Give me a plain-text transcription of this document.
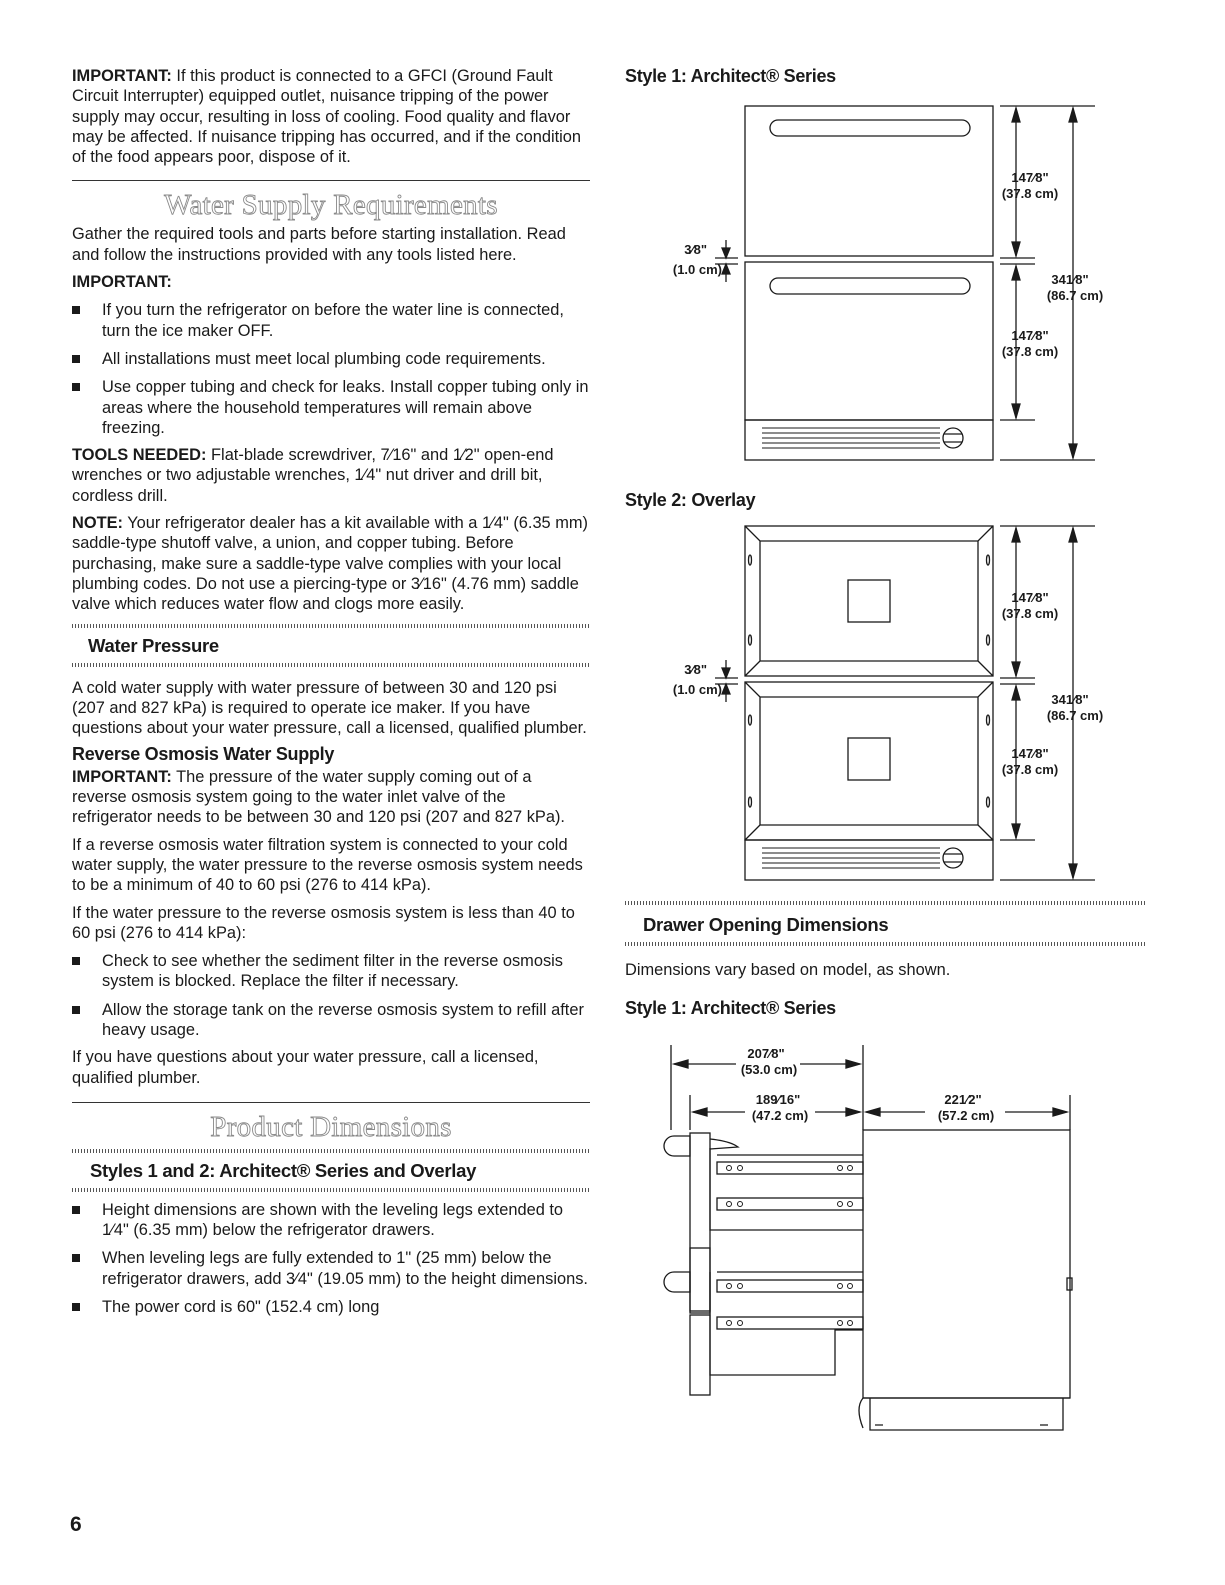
IMPORTANT: If this product is connected to a GFCI (Ground Fault Circuit Interrupter) equipped outlet, nuisance tripping of the power supply may occur, resulting in loss of cooling. Food quality and flavor may be affected. If nuisance tripping has occurred, and if the condition of the food appears poor, dispose of it.

Water Supply Requirements

Gather the required tools and parts before starting installation. Read and follow the instructions provided with any tools listed here.

IMPORTANT:

If you turn the refrigerator on before the water line is connected, turn the ice maker OFF.
All installations must meet local plumbing code requirements.
Use copper tubing and check for leaks. Install copper tubing only in areas where the household temperatures will remain above freezing.

TOOLS NEEDED: Flat-blade screwdriver, 7⁄16" and 1⁄2" open-end wrenches or two adjustable wrenches, 1⁄4" nut driver and drill bit, cordless drill.

NOTE: Your refrigerator dealer has a kit available with a 1⁄4" (6.35 mm) saddle-type shutoff valve, a union, and copper tubing. Before purchasing, make sure a saddle-type valve complies with your local plumbing codes. Do not use a piercing-type or 3⁄16" (4.76 mm) saddle valve which reduces water flow and clogs more easily.

Water Pressure

A cold water supply with water pressure of between 30 and 120 psi (207 and 827 kPa) is required to operate ice maker. If you have questions about your water pressure, call a licensed, qualified plumber.

Reverse Osmosis Water Supply

IMPORTANT: The pressure of the water supply coming out of a reverse osmosis system going to the water inlet valve of the refrigerator needs to be between 30 and 120 psi (207 and 827 kPa).

If a reverse osmosis water filtration system is connected to your cold water supply, the water pressure to the reverse osmosis system needs to be a minimum of 40 to 60 psi (276 to 414 kPa).

If the water pressure to the reverse osmosis system is less than 40 to 60 psi (276 to 414 kPa):

Check to see whether the sediment filter in the reverse osmosis system is blocked. Replace the filter if necessary.
Allow the storage tank on the reverse osmosis system to refill after heavy usage.

If you have questions about your water pressure, call a licensed, qualified plumber.

Product Dimensions
Styles 1 and 2: Architect® Series and Overlay
Height dimensions are shown with the leveling legs extended to 1⁄4" (6.35 mm) below the refrigerator drawers.
When leveling legs are fully extended to 1" (25 mm) below the refrigerator drawers, add 3⁄4" (19.05 mm) to the height dimensions.
The power cord is 60" (152.4 cm) long

Style 1: Architect® Series

Style 2: Overlay

3⁄8"
(1.0 cm)
147⁄8"
(37.8 cm)
147⁄8"
(37.8 cm)
341⁄8"
(86.7 cm)
3⁄8"
(1.0 cm)
147⁄8"
(37.8 cm)
147⁄8"
(37.8 cm)
341⁄8"
(86.7 cm)
Drawer Opening Dimensions

Dimensions vary based on model, as shown.

Style 1: Architect® Series

207⁄8"
(53.0 cm)
189⁄16"
(47.2 cm)
221⁄2"
(57.2 cm)
6
